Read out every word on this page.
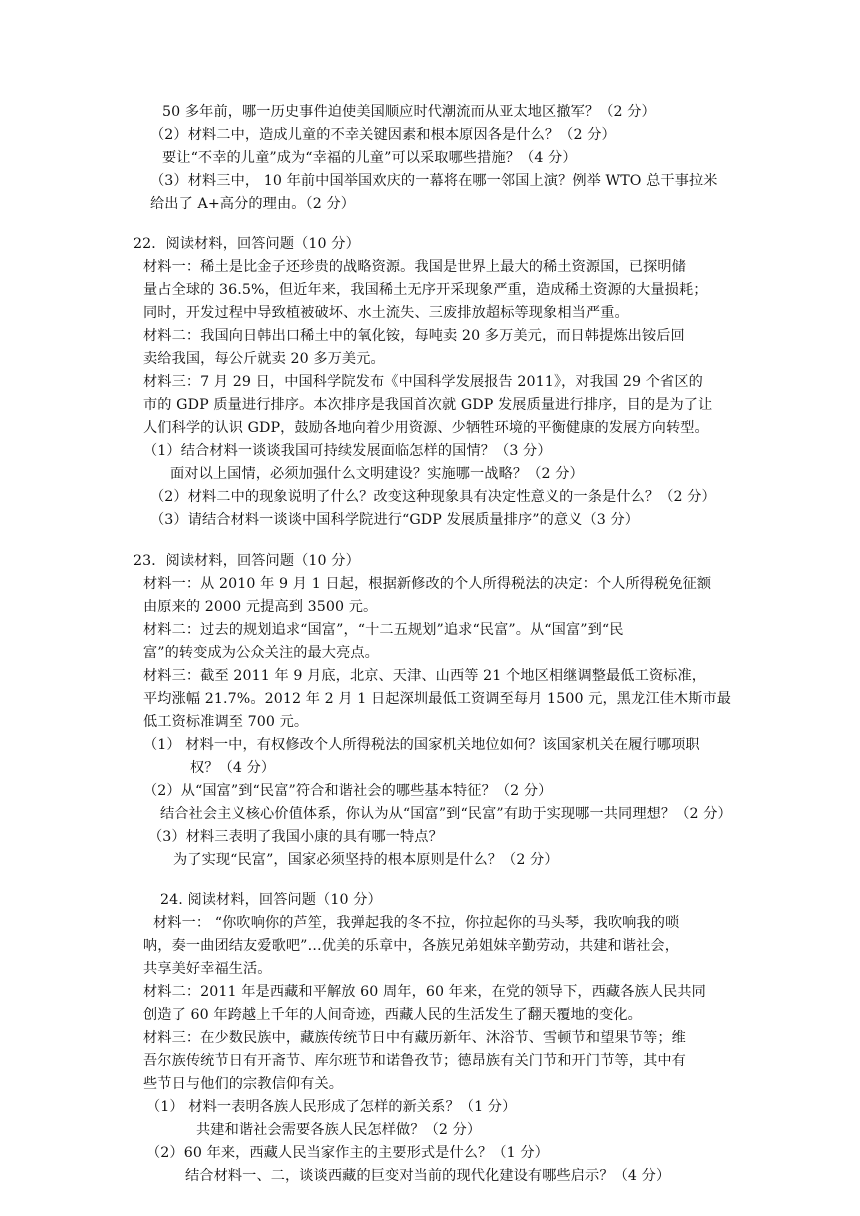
50 多年前，哪一历史事件迫使美国顺应时代潮流而从亚太地区撤军？（2 分）
（2）材料二中，造成儿童的不幸关键因素和根本原因各是什么？（2 分）
要让“不幸的儿童”成为“幸福的儿童”可以采取哪些措施？（4 分）
（3）材料三中， 10 年前中国举国欢庆的一幕将在哪一邻国上演？例举 WTO 总干事拉米
给出了 A+高分的理由。（2 分）
22．阅读材料，回答问题（10 分）
材料一：稀土是比金子还珍贵的战略资源。我国是世界上最大的稀土资源国，已探明储
量占全球的 36.5%，但近年来，我国稀土无序开采现象严重，造成稀土资源的大量损耗；
同时，开发过程中导致植被破坏、水土流失、三废排放超标等现象相当严重。
材料二：我国向日韩出口稀土中的氧化铵，每吨卖 20 多万美元，而日韩提炼出铵后回
卖给我国，每公斤就卖 20 多万美元。
材料三：7 月 29 日，中国科学院发布《中国科学发展报告 2011》，对我国 29 个省区的
市的 GDP 质量进行排序。本次排序是我国首次就 GDP 发展质量进行排序，目的是为了让
人们科学的认识 GDP，鼓励各地向着少用资源、少牺牲环境的平衡健康的发展方向转型。
（1）结合材料一谈谈我国可持续发展面临怎样的国情？（3 分）
面对以上国情，必须加强什么文明建设？实施哪一战略？（2 分）
（2）材料二中的现象说明了什么？改变这种现象具有决定性意义的一条是什么？（2 分）
（3）请结合材料一谈谈中国科学院进行“GDP 发展质量排序”的意义（3 分）
23．阅读材料，回答问题（10 分）
材料一：从 2010 年 9 月 1 日起，根据新修改的个人所得税法的决定：个人所得税免征额
由原来的 2000 元提高到 3500 元。
材料二：过去的规划追求“国富”，“十二五规划”追求“民富”。从“国富”到“民
富”的转变成为公众关注的最大亮点。
材料三：截至 2011 年 9 月底，北京、天津、山西等 21 个地区相继调整最低工资标准，
平均涨幅 21.7%。2012 年 2 月 1 日起深圳最低工资调至每月 1500 元，黑龙江佳木斯市最
低工资标准调至 700 元。
（1） 材料一中，有权修改个人所得税法的国家机关地位如何？该国家机关在履行哪项职
权？（4 分）
（2）从“国富”到“民富”符合和谐社会的哪些基本特征？（2 分）
结合社会主义核心价值体系，你认为从“国富”到“民富”有助于实现哪一共同理想？（2 分）
（3）材料三表明了我国小康的具有哪一特点？
为了实现“民富”，国家必须坚持的根本原则是什么？（2 分）
24. 阅读材料，回答问题（10 分）
材料一： “你吹响你的芦笙，我弹起我的冬不拉，你拉起你的马头琴，我吹响我的唢
呐，奏一曲团结友爱歌吧”…优美的乐章中，各族兄弟姐妹辛勤劳动，共建和谐社会，
共享美好幸福生活。
材料二：2011 年是西藏和平解放 60 周年，60 年来，在党的领导下，西藏各族人民共同
创造了 60 年跨越上千年的人间奇迹，西藏人民的生活发生了翻天覆地的变化。
材料三：在少数民族中，藏族传统节日中有藏历新年、沐浴节、雪顿节和望果节等；维
吾尔族传统节日有开斋节、库尔班节和诺鲁孜节；德昂族有关门节和开门节等，其中有
些节日与他们的宗教信仰有关。
（1） 材料一表明各族人民形成了怎样的新关系？（1 分）
共建和谐社会需要各族人民怎样做？（2 分）
（2）60 年来，西藏人民当家作主的主要形式是什么？（1 分）
结合材料一、二，谈谈西藏的巨变对当前的现代化建设有哪些启示？（4 分）
